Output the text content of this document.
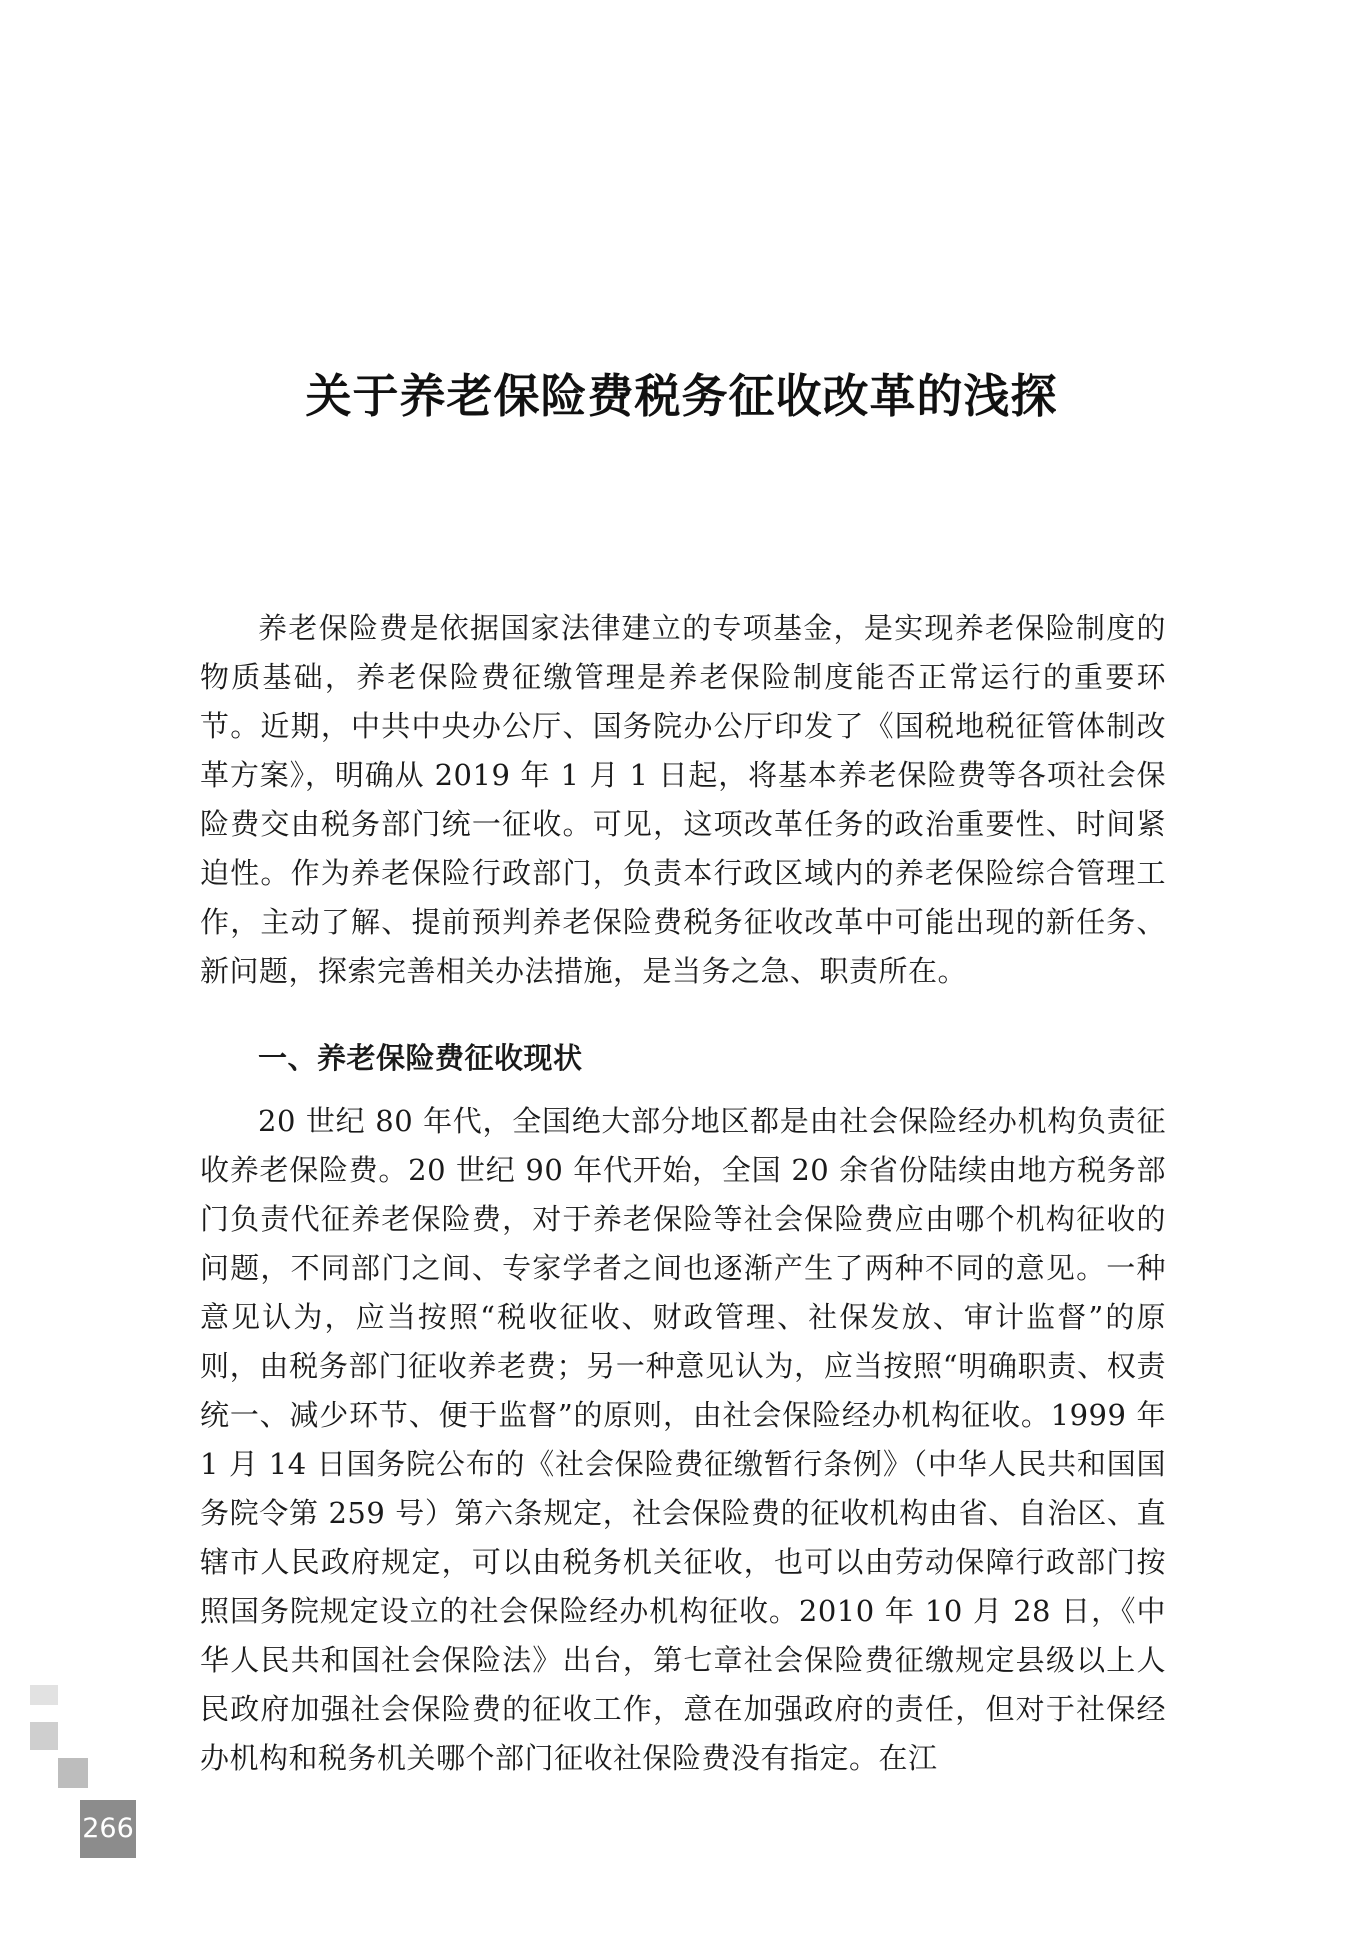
关于养老保险费税务征收改革的浅探

养老保险费是依据国家法律建立的专项基金，是实现养老保险制度的物质基础，养老保险费征缴管理是养老保险制度能否正常运行的重要环节。近期，中共中央办公厅、国务院办公厅印发了《国税地税征管体制改革方案》，明确从 2019 年 1 月 1 日起，将基本养老保险费等各项社会保险费交由税务部门统一征收。可见，这项改革任务的政治重要性、时间紧迫性。作为养老保险行政部门，负责本行政区域内的养老保险综合管理工作，主动了解、提前预判养老保险费税务征收改革中可能出现的新任务、新问题，探索完善相关办法措施，是当务之急、职责所在。

一、养老保险费征收现状

20 世纪 80 年代，全国绝大部分地区都是由社会保险经办机构负责征收养老保险费。20 世纪 90 年代开始，全国 20 余省份陆续由地方税务部门负责代征养老保险费，对于养老保险等社会保险费应由哪个机构征收的问题，不同部门之间、专家学者之间也逐渐产生了两种不同的意见。一种意见认为，应当按照“税收征收、财政管理、社保发放、审计监督”的原则，由税务部门征收养老费；另一种意见认为，应当按照“明确职责、权责统一、减少环节、便于监督”的原则，由社会保险经办机构征收。1999 年 1 月 14 日国务院公布的《社会保险费征缴暂行条例》（中华人民共和国国务院令第 259 号）第六条规定，社会保险费的征收机构由省、自治区、直辖市人民政府规定，可以由税务机关征收，也可以由劳动保障行政部门按照国务院规定设立的社会保险经办机构征收。2010 年 10 月 28 日，《中华人民共和国社会保险法》出台，第七章社会保险费征缴规定县级以上人民政府加强社会保险费的征收工作，意在加强政府的责任，但对于社保经办机构和税务机关哪个部门征收社保险费没有指定。在江

266
